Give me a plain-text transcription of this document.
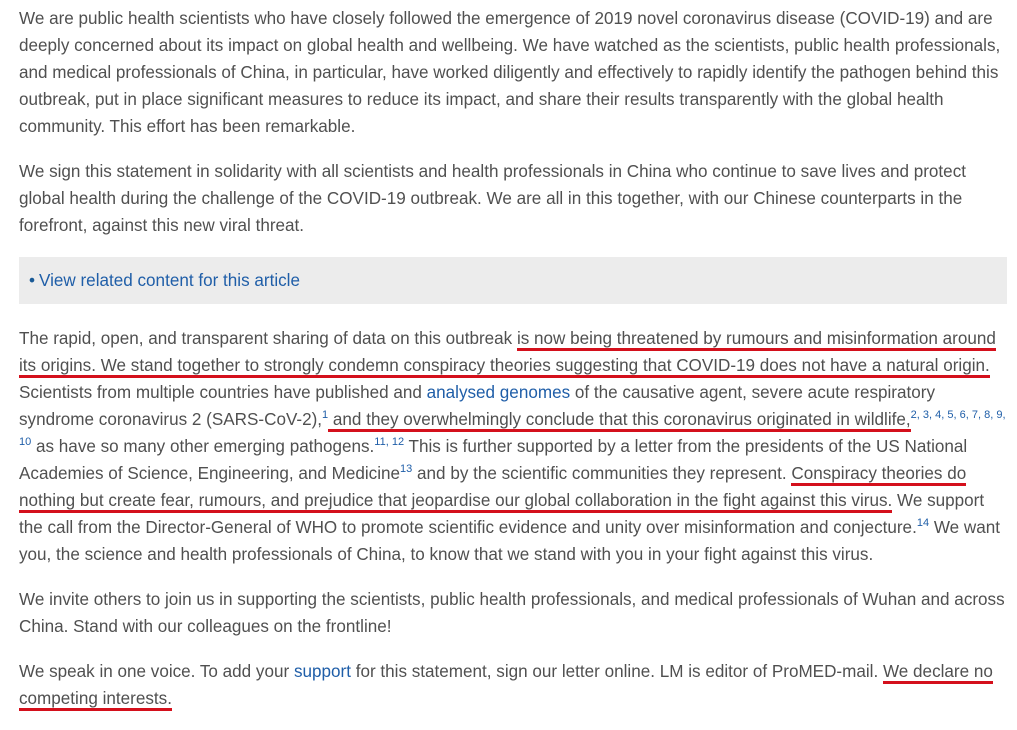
We are public health scientists who have closely followed the emergence of 2019 novel coronavirus disease (COVID-19) and are deeply concerned about its impact on global health and wellbeing. We have watched as the scientists, public health professionals, and medical professionals of China, in particular, have worked diligently and effectively to rapidly identify the pathogen behind this outbreak, put in place significant measures to reduce its impact, and share their results transparently with the global health community. This effort has been remarkable.

We sign this statement in solidarity with all scientists and health professionals in China who continue to save lives and protect global health during the challenge of the COVID-19 outbreak. We are all in this together, with our Chinese counterparts in the forefront, against this new viral threat.

• View related content for this article

The rapid, open, and transparent sharing of data on this outbreak is now being threatened by rumours and misinformation around its origins. We stand together to strongly condemn conspiracy theories suggesting that COVID-19 does not have a natural origin. Scientists from multiple countries have published and analysed genomes of the causative agent, severe acute respiratory syndrome coronavirus 2 (SARS-CoV-2),$^1$ and they overwhelmingly conclude that this coronavirus originated in wildlife,$^{2, 3, 4, 5, 6, 7, 8, 9, 10}$ as have so many other emerging pathogens.$^{11, 12}$ This is further supported by a letter from the presidents of the US National Academies of Science, Engineering, and Medicine$^{13}$ and by the scientific communities they represent. Conspiracy theories do nothing but create fear, rumours, and prejudice that jeopardise our global collaboration in the fight against this virus. We support the call from the Director-General of WHO to promote scientific evidence and unity over misinformation and conjecture.$^{14}$ We want you, the science and health professionals of China, to know that we stand with you in your fight against this virus.

We invite others to join us in supporting the scientists, public health professionals, and medical professionals of Wuhan and across China. Stand with our colleagues on the frontline!

We speak in one voice. To add your support for this statement, sign our letter online. LM is editor of ProMED-mail. We declare no competing interests.
